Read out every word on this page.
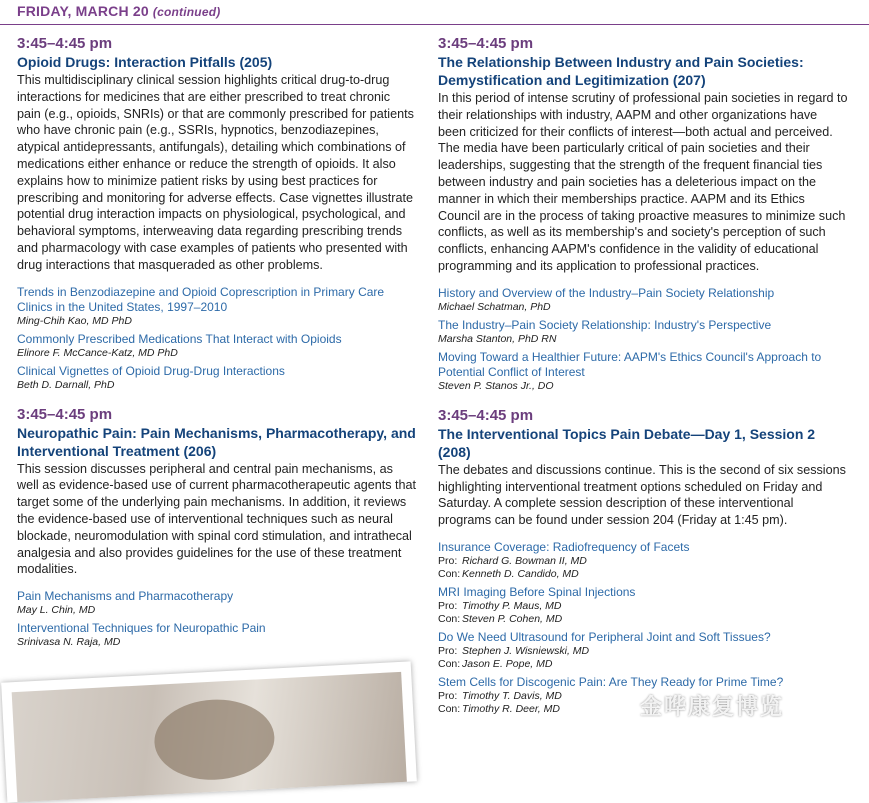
FRIDAY, MARCH 20 (continued)
3:45–4:45 pm
Opioid Drugs: Interaction Pitfalls (205)
This multidisciplinary clinical session highlights critical drug-to-drug interactions for medicines that are either prescribed to treat chronic pain (e.g., opioids, SNRIs) or that are commonly prescribed for patients who have chronic pain (e.g., SSRIs, hypnotics, benzodiazepines, atypical antidepressants, antifungals), detailing which combinations of medications either enhance or reduce the strength of opioids. It also explains how to minimize patient risks by using best practices for prescribing and monitoring for adverse effects. Case vignettes illustrate potential drug interaction impacts on physiological, psychological, and behavioral symptoms, interweaving data regarding prescribing trends and pharmacology with case examples of patients who presented with drug interactions that masqueraded as other problems.
Trends in Benzodiazepine and Opioid Coprescription in Primary Care Clinics in the United States, 1997–2010
Ming-Chih Kao, MD PhD
Commonly Prescribed Medications That Interact with Opioids
Elinore F. McCance-Katz, MD PhD
Clinical Vignettes of Opioid Drug-Drug Interactions
Beth D. Darnall, PhD
3:45–4:45 pm
Neuropathic Pain: Pain Mechanisms, Pharmacotherapy, and Interventional Treatment (206)
This session discusses peripheral and central pain mechanisms, as well as evidence-based use of current pharmacotherapeutic agents that target some of the underlying pain mechanisms. In addition, it reviews the evidence-based use of interventional techniques such as neural blockade, neuromodulation with spinal cord stimulation, and intrathecal analgesia and also provides guidelines for the use of these treatment modalities.
Pain Mechanisms and Pharmacotherapy
May L. Chin, MD
Interventional Techniques for Neuropathic Pain
Srinivasa N. Raja, MD
3:45–4:45 pm
The Relationship Between Industry and Pain Societies: Demystification and Legitimization (207)
In this period of intense scrutiny of professional pain societies in regard to their relationships with industry, AAPM and other organizations have been criticized for their conflicts of interest—both actual and perceived. The media have been particularly critical of pain societies and their leaderships, suggesting that the strength of the frequent financial ties between industry and pain societies has a deleterious impact on the manner in which their memberships practice. AAPM and its Ethics Council are in the process of taking proactive measures to minimize such conflicts, as well as its membership's and society's perception of such conflicts, enhancing AAPM's confidence in the validity of educational programming and its application to professional practices.
History and Overview of the Industry–Pain Society Relationship
Michael Schatman, PhD
The Industry–Pain Society Relationship: Industry's Perspective
Marsha Stanton, PhD RN
Moving Toward a Healthier Future: AAPM's Ethics Council's Approach to Potential Conflict of Interest
Steven P. Stanos Jr., DO
3:45–4:45 pm
The Interventional Topics Pain Debate—Day 1, Session 2 (208)
The debates and discussions continue. This is the second of six sessions highlighting interventional treatment options scheduled on Friday and Saturday. A complete session description of these interventional programs can be found under session 204 (Friday at 1:45 pm).
Insurance Coverage: Radiofrequency of Facets
Pro: Richard G. Bowman II, MD
Con: Kenneth D. Candido, MD
MRI Imaging Before Spinal Injections
Pro: Timothy P. Maus, MD
Con: Steven P. Cohen, MD
Do We Need Ultrasound for Peripheral Joint and Soft Tissues?
Pro: Stephen J. Wisniewski, MD
Con: Jason E. Pope, MD
Stem Cells for Discogenic Pain: Are They Ready for Prime Time?
Pro: Timothy T. Davis, MD
Con: Timothy R. Deer, MD	金哗康复博览
